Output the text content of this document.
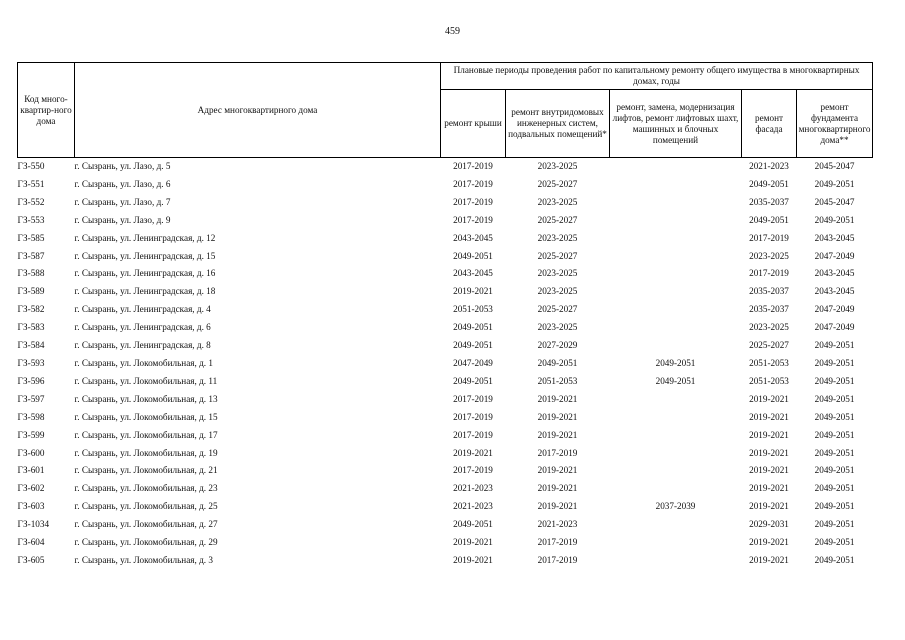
459
Код много-квартир-ного дома	Адрес многоквартирного дома	Плановые периоды проведения работ по капитальному ремонту общего имущества в многоквартирных домах, годы				
		ремонт крыши	ремонт внутридомовых инженерных систем, подвальных помещений*	ремонт, замена, модернизация лифтов, ремонт лифтовых шахт, машинных и блочных помещений	ремонт фасада	ремонт фундамента многоквартирного дома**
ГЗ-550	г. Сызрань, ул. Лазо, д. 5	2017-2019	2023-2025		2021-2023	2045-2047
ГЗ-551	г. Сызрань, ул. Лазо, д. 6	2017-2019	2025-2027		2049-2051	2049-2051
ГЗ-552	г. Сызрань, ул. Лазо, д. 7	2017-2019	2023-2025		2035-2037	2045-2047
ГЗ-553	г. Сызрань, ул. Лазо, д. 9	2017-2019	2025-2027		2049-2051	2049-2051
ГЗ-585	г. Сызрань, ул. Ленинградская, д. 12	2043-2045	2023-2025		2017-2019	2043-2045
ГЗ-587	г. Сызрань, ул. Ленинградская, д. 15	2049-2051	2025-2027		2023-2025	2047-2049
ГЗ-588	г. Сызрань, ул. Ленинградская, д. 16	2043-2045	2023-2025		2017-2019	2043-2045
ГЗ-589	г. Сызрань, ул. Ленинградская, д. 18	2019-2021	2023-2025		2035-2037	2043-2045
ГЗ-582	г. Сызрань, ул. Ленинградская, д. 4	2051-2053	2025-2027		2035-2037	2047-2049
ГЗ-583	г. Сызрань, ул. Ленинградская, д. 6	2049-2051	2023-2025		2023-2025	2047-2049
ГЗ-584	г. Сызрань, ул. Ленинградская, д. 8	2049-2051	2027-2029		2025-2027	2049-2051
ГЗ-593	г. Сызрань, ул. Локомобильная, д. 1	2047-2049	2049-2051	2049-2051	2051-2053	2049-2051
ГЗ-596	г. Сызрань, ул. Локомобильная, д. 11	2049-2051	2051-2053	2049-2051	2051-2053	2049-2051
ГЗ-597	г. Сызрань, ул. Локомобильная, д. 13	2017-2019	2019-2021		2019-2021	2049-2051
ГЗ-598	г. Сызрань, ул. Локомобильная, д. 15	2017-2019	2019-2021		2019-2021	2049-2051
ГЗ-599	г. Сызрань, ул. Локомобильная, д. 17	2017-2019	2019-2021		2019-2021	2049-2051
ГЗ-600	г. Сызрань, ул. Локомобильная, д. 19	2019-2021	2017-2019		2019-2021	2049-2051
ГЗ-601	г. Сызрань, ул. Локомобильная, д. 21	2017-2019	2019-2021		2019-2021	2049-2051
ГЗ-602	г. Сызрань, ул. Локомобильная, д. 23	2021-2023	2019-2021		2019-2021	2049-2051
ГЗ-603	г. Сызрань, ул. Локомобильная, д. 25	2021-2023	2019-2021	2037-2039	2019-2021	2049-2051
ГЗ-1034	г. Сызрань, ул. Локомобильная, д. 27	2049-2051	2021-2023		2029-2031	2049-2051
ГЗ-604	г. Сызрань, ул. Локомобильная, д. 29	2019-2021	2017-2019		2019-2021	2049-2051
ГЗ-605	г. Сызрань, ул. Локомобильная, д. 3	2019-2021	2017-2019		2019-2021	2049-2051
